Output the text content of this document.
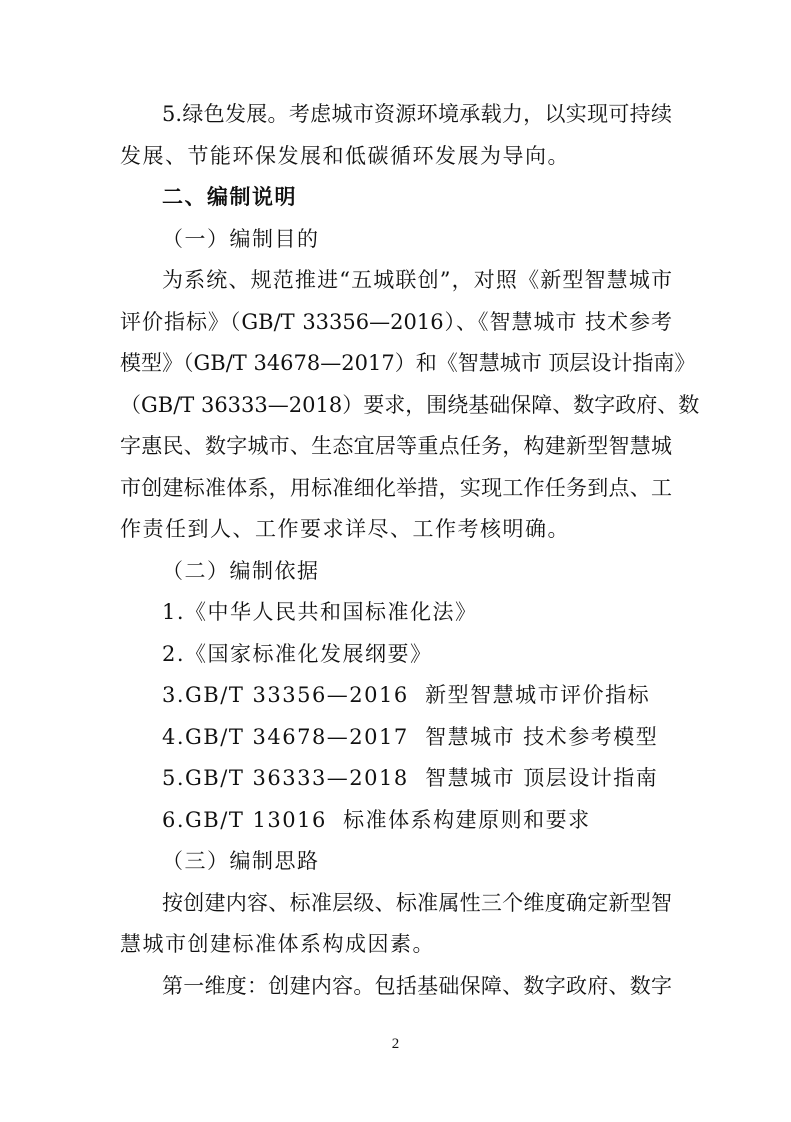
5.绿色发展。考虑城市资源环境承载力，以实现可持续
发展、节能环保发展和低碳循环发展为导向。
二、编制说明
（一）编制目的
为系统、规范推进“五城联创”，对照《新型智慧城市
评价指标》（GB/T 33356—2016）、《智慧城市 技术参考
模型》（GB/T 34678—2017）和《智慧城市 顶层设计指南》
（GB/T 36333—2018）要求，围绕基础保障、数字政府、数
字惠民、数字城市、生态宜居等重点任务，构建新型智慧城
市创建标准体系，用标准细化举措，实现工作任务到点、工
作责任到人、工作要求详尽、工作考核明确。
（二）编制依据
1.《中华人民共和国标准化法》
2.《国家标准化发展纲要》
3.GB/T 33356—2016  新型智慧城市评价指标
4.GB/T 34678—2017  智慧城市 技术参考模型
5.GB/T 36333—2018  智慧城市 顶层设计指南
6.GB/T 13016  标准体系构建原则和要求
（三）编制思路
按创建内容、标准层级、标准属性三个维度确定新型智
慧城市创建标准体系构成因素。
第一维度：创建内容。包括基础保障、数字政府、数字
2
